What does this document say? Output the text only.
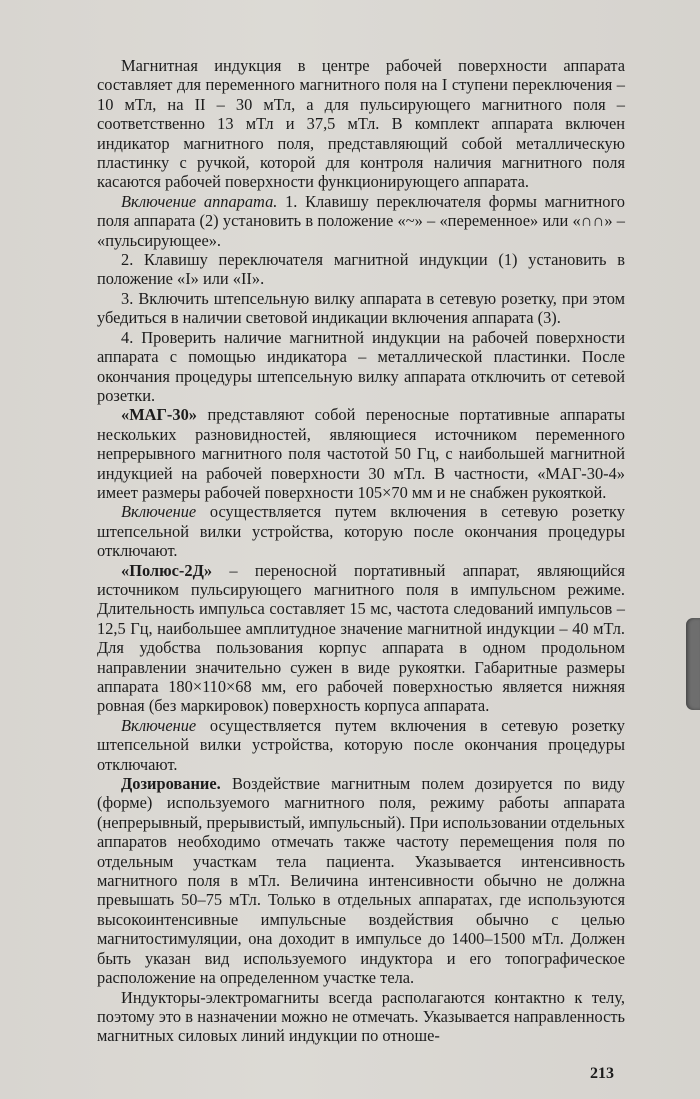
Магнитная индукция в центре рабочей поверхности аппарата составляет для переменного магнитного поля на I ступени переключения – 10 мТл, на II – 30 мТл, а для пульсирующего магнитного поля – соответственно 13 мТл и 37,5 мТл. В комплект аппарата включен индикатор магнитного поля, представляющий собой металлическую пластинку с ручкой, которой для контроля наличия магнитного поля касаются рабочей поверхности функционирующего аппарата.

Включение аппарата. 1. Клавишу переключателя формы магнитного поля аппарата (2) установить в положение «~» – «переменное» или «∩∩» – «пульсирующее».

2. Клавишу переключателя магнитной индукции (1) установить в положение «I» или «II».

3. Включить штепсельную вилку аппарата в сетевую розетку, при этом убедиться в наличии световой индикации включения аппарата (3).

4. Проверить наличие магнитной индукции на рабочей поверхности аппарата с помощью индикатора – металлической пластинки. После окончания процедуры штепсельную вилку аппарата отключить от сетевой розетки.

«МАГ-30» представляют собой переносные портативные аппараты нескольких разновидностей, являющиеся источником переменного непрерывного магнитного поля частотой 50 Гц, с наибольшей магнитной индукцией на рабочей поверхности 30 мТл. В частности, «МАГ-30-4» имеет размеры рабочей поверхности 105×70 мм и не снабжен рукояткой.

Включение осуществляется путем включения в сетевую розетку штепсельной вилки устройства, которую после окончания процедуры отключают.

«Полюс-2Д» – переносной портативный аппарат, являющийся источником пульсирующего магнитного поля в импульсном режиме. Длительность импульса составляет 15 мс, частота следований импульсов – 12,5 Гц, наибольшее амплитудное значение магнитной индукции – 40 мТл. Для удобства пользования корпус аппарата в одном продольном направлении значительно сужен в виде рукоятки. Габаритные размеры аппарата 180×110×68 мм, его рабочей поверхностью является нижняя ровная (без маркировок) поверхность корпуса аппарата.

Включение осуществляется путем включения в сетевую розетку штепсельной вилки устройства, которую после окончания процедуры отключают.

Дозирование. Воздействие магнитным полем дозируется по виду (форме) используемого магнитного поля, режиму работы аппарата (непрерывный, прерывистый, импульсный). При использовании отдельных аппаратов необходимо отмечать также частоту перемещения поля по отдельным участкам тела пациента. Указывается интенсивность магнитного поля в мТл. Величина интенсивности обычно не должна превышать 50–75 мТл. Только в отдельных аппаратах, где используются высокоинтенсивные импульсные воздействия обычно с целью магнитостимуляции, она доходит в импульсе до 1400–1500 мТл. Должен быть указан вид используемого индуктора и его топографическое расположение на определенном участке тела.

Индукторы-электромагниты всегда располагаются контактно к телу, поэтому это в назначении можно не отмечать. Указывается направленность магнитных силовых линий индукции по отноше-

213
